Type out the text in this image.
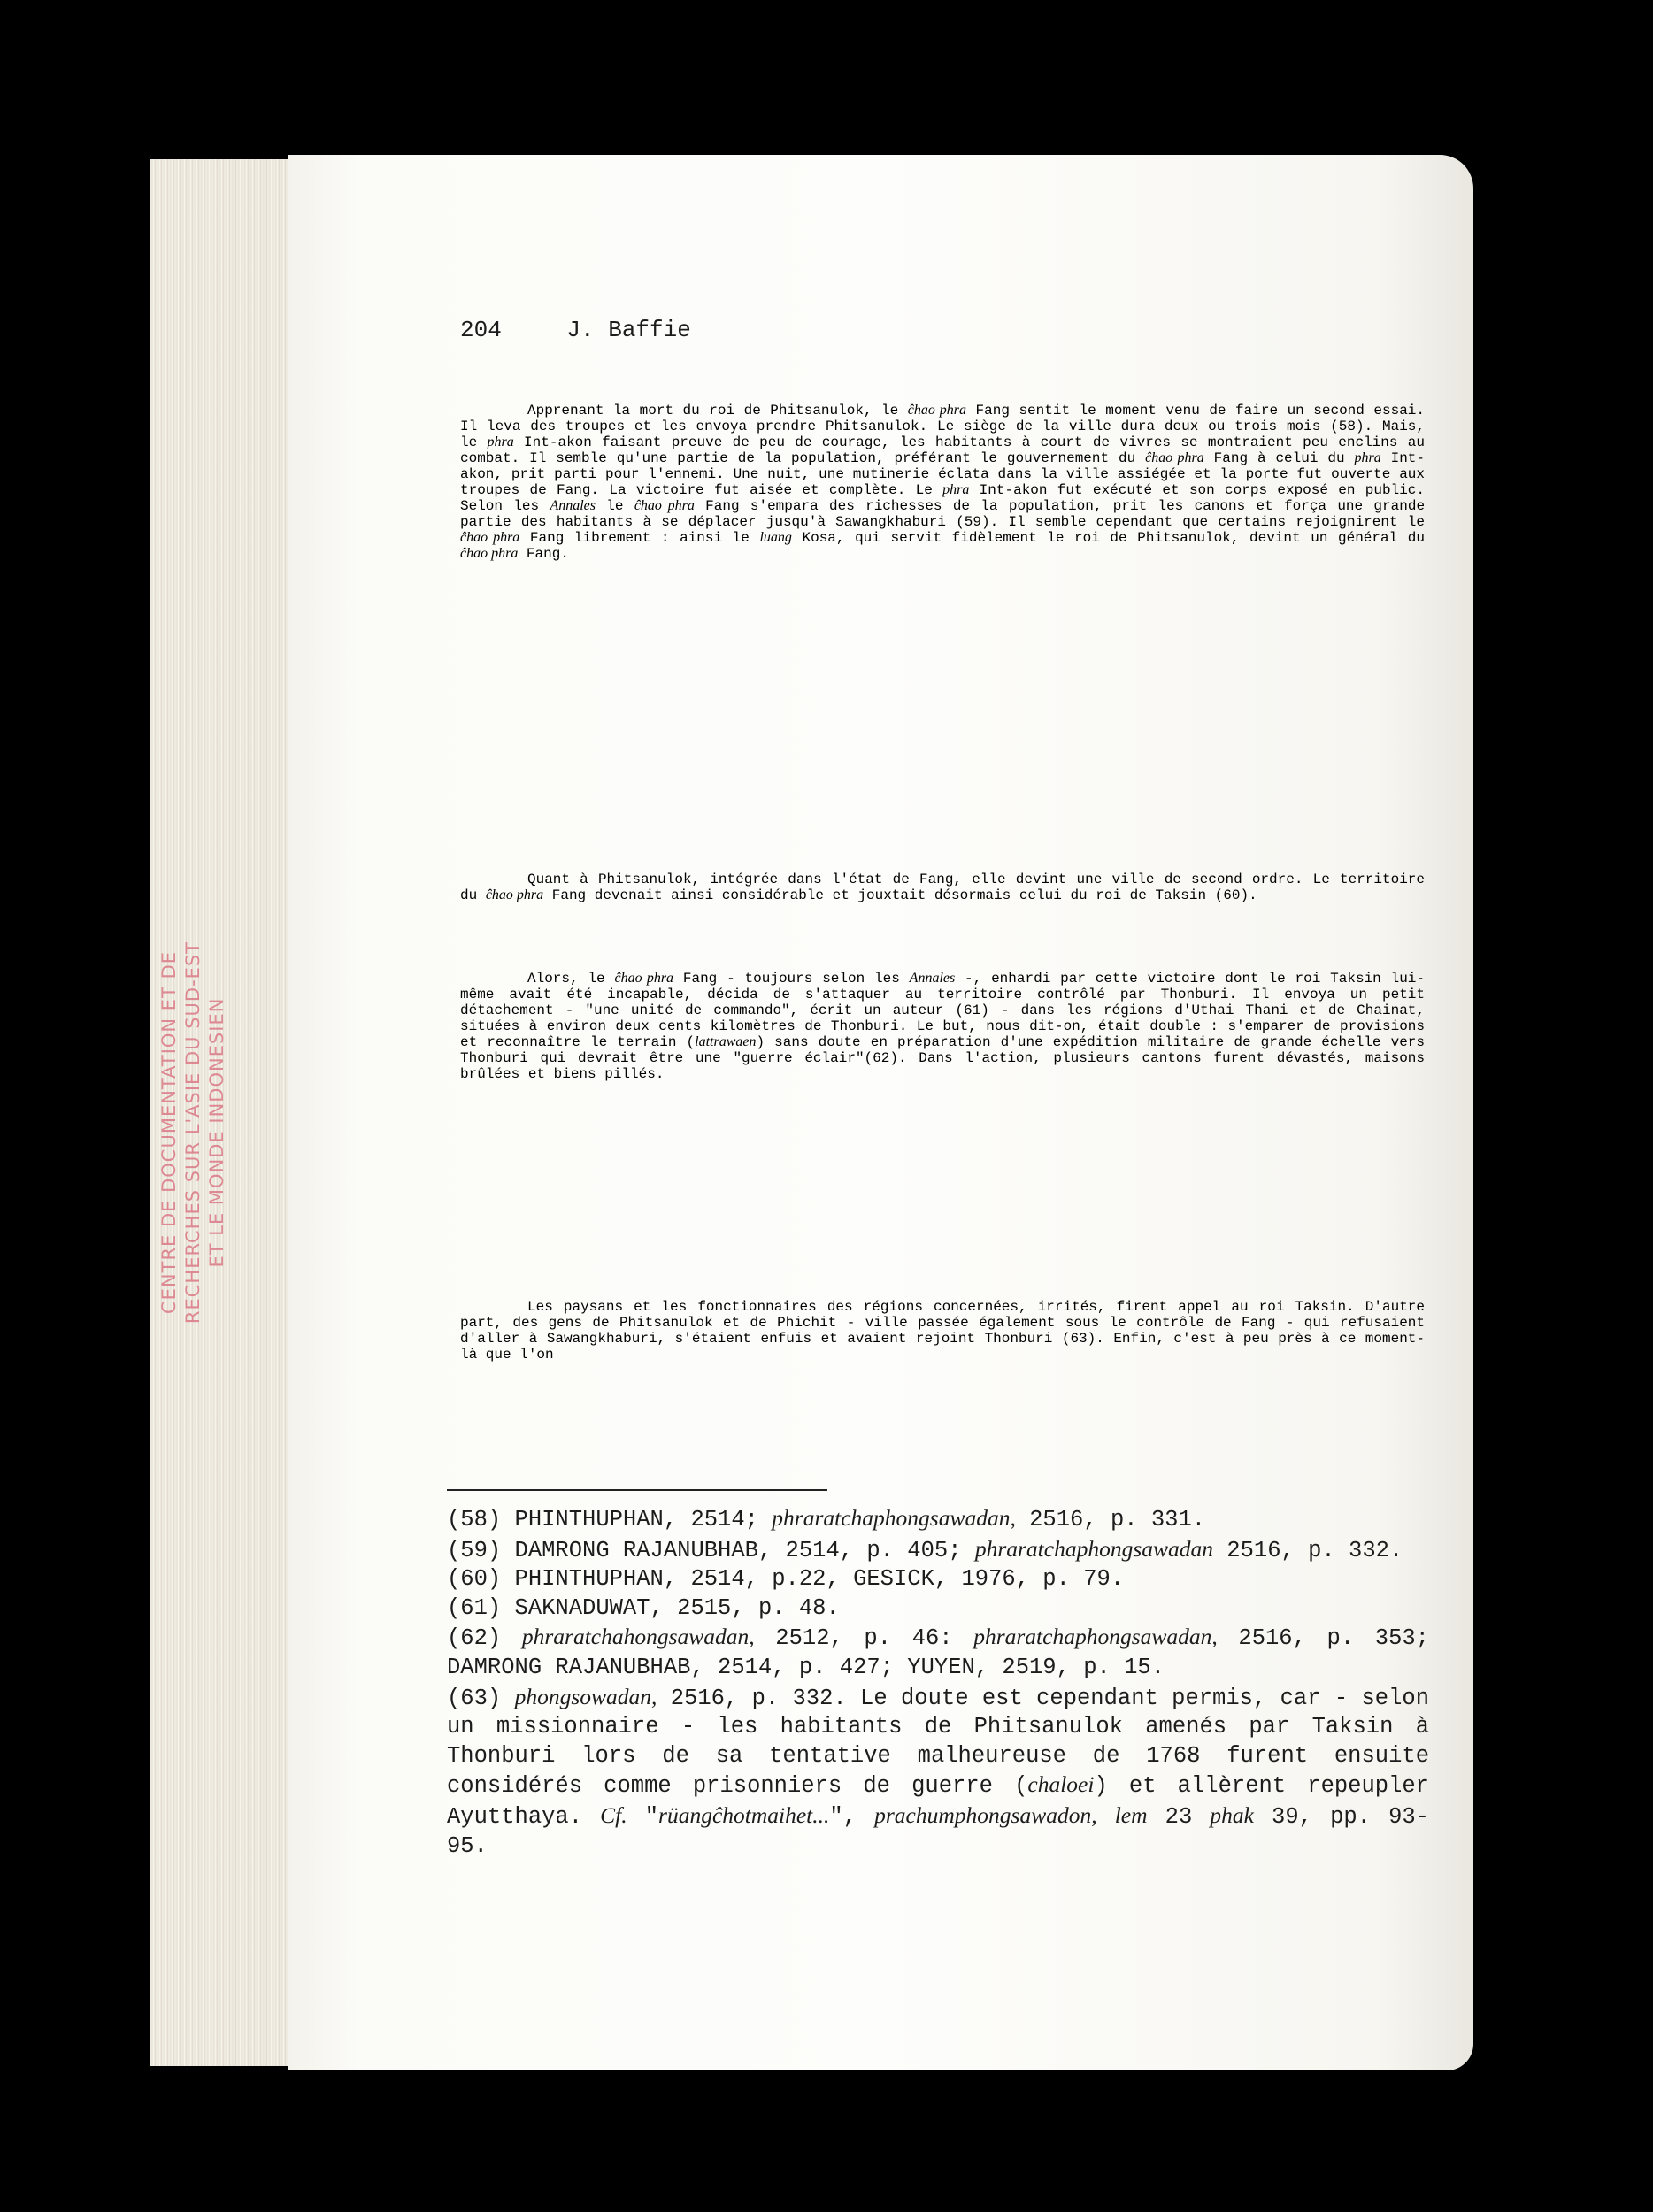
CENTRE DE DOCUMENTATION ET DE RECHERCHES SUR L'ASIE DU SUD-EST ET LE MONDE INDONESIEN
204	J. Baffie

Apprenant la mort du roi de Phitsanulok, le ĉhao phra Fang sentit le moment venu de faire un second essai. Il leva des troupes et les envoya prendre Phitsanulok. Le siège de la ville dura deux ou trois mois (58). Mais, le phra Int-akon faisant preuve de peu de courage, les habitants à court de vivres se montraient peu enclins au combat. Il semble qu'une partie de la population, préférant le gouvernement du ĉhao phra Fang à celui du phra Int-akon, prit parti pour l'ennemi. Une nuit, une mutinerie éclata dans la ville assiégée et la porte fut ouverte aux troupes de Fang. La victoire fut aisée et complète. Le phra Int-akon fut exécuté et son corps exposé en public. Selon les Annales le ĉhao phra Fang s'empara des richesses de la population, prit les canons et força une grande partie des habitants à se déplacer jusqu'à Sawangkhaburi (59). Il semble cependant que certains rejoignirent le ĉhao phra Fang librement : ainsi le luang Kosa, qui servit fidèlement le roi de Phitsanulok, devint un général du ĉhao phra Fang.

Quant à Phitsanulok, intégrée dans l'état de Fang, elle devint une ville de second ordre. Le territoire du ĉhao phra Fang devenait ainsi considérable et jouxtait désormais celui du roi de Taksin (60).

Alors, le ĉhao phra Fang - toujours selon les Annales -, enhardi par cette victoire dont le roi Taksin lui-même avait été incapable, décida de s'attaquer au territoire contrôlé par Thonburi. Il envoya un petit détachement - "une unité de commando", écrit un auteur (61) - dans les régions d'Uthai Thani et de Chainat, situées à environ deux cents kilomètres de Thonburi. Le but, nous dit-on, était double : s'emparer de provisions et reconnaître le terrain (lattrawaen) sans doute en préparation d'une expédition militaire de grande échelle vers Thonburi qui devrait être une "guerre éclair"(62). Dans l'action, plusieurs cantons furent dévastés, maisons brûlées et biens pillés.

Les paysans et les fonctionnaires des régions concernées, irrités, firent appel au roi Taksin. D'autre part, des gens de Phitsanulok et de Phichit - ville passée également sous le contrôle de Fang - qui refusaient d'aller à Sawangkhaburi, s'étaient enfuis et avaient rejoint Thonburi (63). Enfin, c'est à peu près à ce moment-là que l'on

(58) PHINTHUPHAN, 2514; phraratchaphongsawadan, 2516, p. 331.

(59) DAMRONG RAJANUBHAB, 2514, p. 405; phraratchaphongsawadan 2516, p. 332.

(60) PHINTHUPHAN, 2514, p.22, GESICK, 1976, p. 79.

(61) SAKNADUWAT, 2515, p. 48.

(62) phraratchahongsawadan, 2512, p. 46: phraratchaphongsawadan, 2516, p. 353; DAMRONG RAJANUBHAB, 2514, p. 427; YUYEN, 2519, p. 15.

(63) phongsowadan, 2516, p. 332. Le doute est cependant permis, car - selon un missionnaire - les habitants de Phitsanulok amenés par Taksin à Thonburi lors de sa tentative malheureuse de 1768 furent ensuite considérés comme prisonniers de guerre (chaloei) et allèrent repeupler Ayutthaya. Cf. "rüangĉhotmaihet...", prachumphongsawadon, lem 23 phak 39, pp. 93-95.
